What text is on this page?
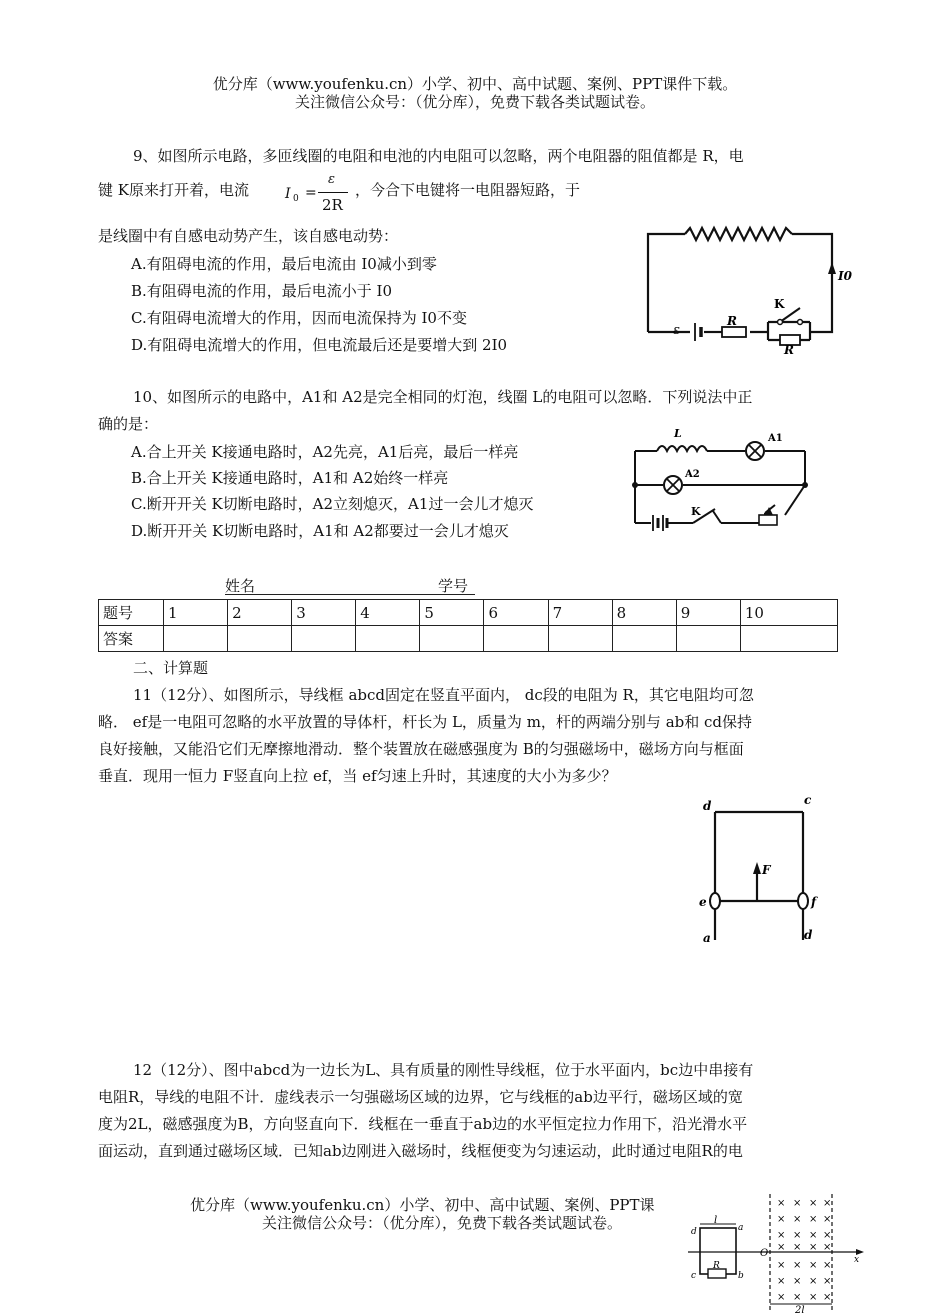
优分库（www.youfenku.cn）小学、初中、高中试题、案例、PPT课件下载。
关注微信公众号：（优分库），免费下载各类试题试卷。
9、如图所示电路，多匝线圈的电阻和电池的内电阻可以忽略，两个电阻器的阻值都是 R，电
键 K原来打开着，电流	I 0 =
ε
2R
，今合下电键将一电阻器短路，于
是线圈中有自感电动势产生，该自感电动势：
A.有阻碍电流的作用，最后电流由 I0减小到零
B.有阻碍电流的作用，最后电流小于 I0
C.有阻碍电流增大的作用，因而电流保持为 I0不变
D.有阻碍电流增大的作用，但电流最后还是要增大到 2I0
I0
ε
R
R
K
10、如图所示的电路中，A1和 A2是完全相同的灯泡，线圈 L的电阻可以忽略．下列说法中正
确的是：
A.合上开关 K接通电路时，A2先亮，A1后亮，最后一样亮
B.合上开关 K接通电路时，A1和 A2始终一样亮
C.断开开关 K切断电路时，A2立刻熄灭，A1过一会儿才熄灭
D.断开开关 K切断电路时，A1和 A2都要过一会儿才熄灭
L	A1
A2
K
姓名	学号
题号	1	2	3	4	5	6	7	8	9	10
答案										
二、计算题
11（12分）、如图所示，导线框 abcd固定在竖直平面内， dc段的电阻为 R，其它电阻均可忽
略． ef是一电阻可忽略的水平放置的导体杆，杆长为 L，质量为 m，杆的两端分别与 ab和 cd保持
良好接触，又能沿它们无摩擦地滑动．整个装置放在磁感强度为 B的匀强磁场中，磁场方向与框面
垂直．现用一恒力 F竖直向上拉 ef，当 ef匀速上升时，其速度的大小为多少？
d	c
e	f
a	d
F
12（12分）、图中abcd为一边长为L、具有质量的刚性导线框，位于水平面内，bc边中串接有
电阻R，导线的电阻不计．虚线表示一匀强磁场区域的边界，它与线框的ab边平行，磁场区域的宽
度为2L，磁感强度为B，方向竖直向下．线框在一垂直于ab边的水平恒定拉力作用下，沿光滑水平
面运动，直到通过磁场区域．已知ab边刚进入磁场时，线框便变为匀速运动，此时通过电阻R的电
优分库（www.youfenku.cn）小学、初中、高中试题、案例、PPT课
关注微信公众号：（优分库），免费下载各类试题试卷。
×
×
×
×
×
×
×
×
×
×
×
×
×
×
×
×
×
×
×
×
×
×
×
×
×
×
×
×
l
2l
a
b
c
d
R
O
x
